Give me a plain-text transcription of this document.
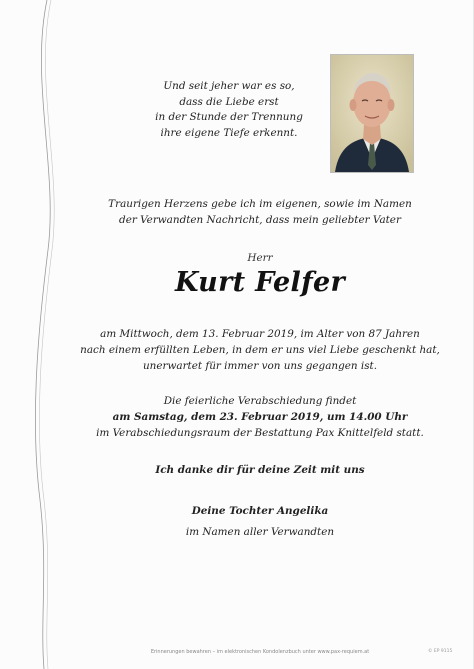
Und seit jeher war es so,
dass die Liebe erst
in der Stunde der Trennung
ihre eigene Tiefe erkennt.
Traurigen Herzens gebe ich im eigenen, sowie im Namen
der Verwandten Nachricht, dass mein geliebter Vater
Herr
Kurt Felfer
am Mittwoch, dem 13. Februar 2019, im Alter von 87 Jahren
nach einem erfüllten Leben, in dem er uns viel Liebe geschenkt hat,
unerwartet für immer von uns gegangen ist.
Die feierliche Verabschiedung findet
am Samstag, dem 23. Februar 2019, um 14.00 Uhr
im Verabschiedungsraum der Bestattung Pax Knittelfeld statt.
Ich danke dir für deine Zeit mit uns
Deine Tochter Angelika
im Namen aller Verwandten
Erinnerungen bewahren – im elektronischen Kondolenzbuch unter www.pax-requiem.at	© EP 9115
